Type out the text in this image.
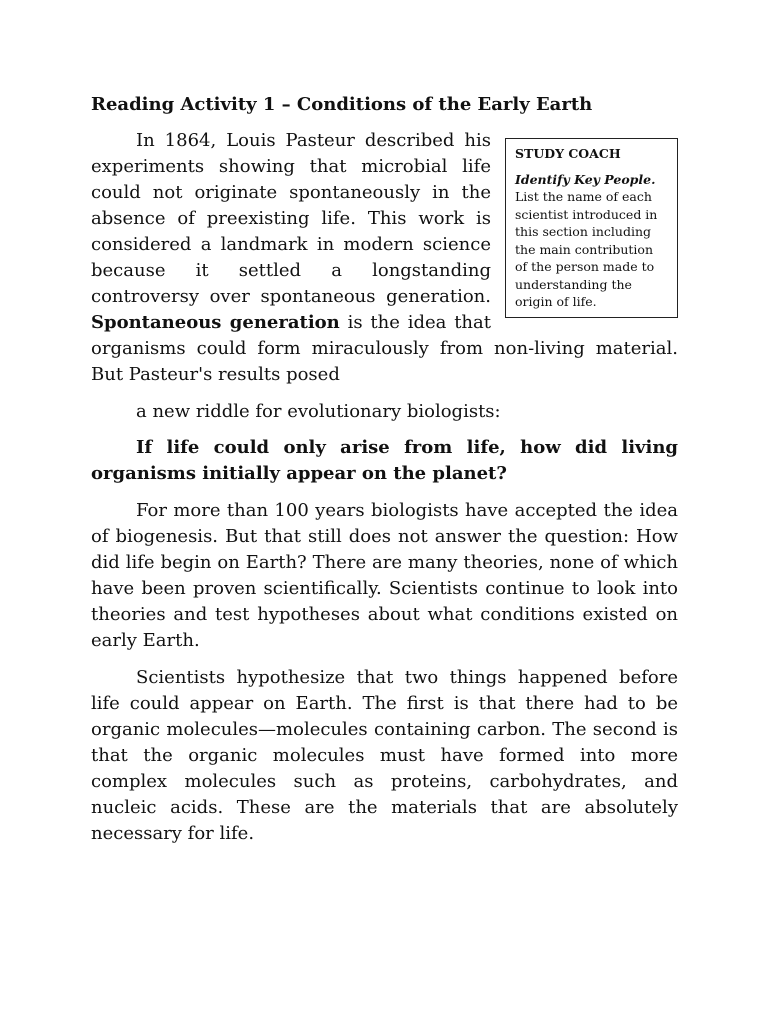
Reading Activity 1 – Conditions of the Early Earth
STUDY COACH
Identify Key People. List the name of each scientist introduced in this section including the main contribution of the person made to understanding the origin of life.

In 1864, Louis Pasteur described his experiments showing that microbial life could not originate spontaneously in the absence of preexisting life. This work is considered a landmark in modern science because it settled a longstanding controversy over spontaneous generation. Spontaneous generation is the idea that organisms could form miraculously from non-living material. But Pasteur's results posed

a new riddle for evolutionary biologists:

If life could only arise from life, how did living organisms initially appear on the planet?

For more than 100 years biologists have accepted the idea of biogenesis. But that still does not answer the question: How did life begin on Earth? There are many theories, none of which have been proven scientifically. Scientists continue to look into theories and test hypotheses about what conditions existed on early Earth.

Scientists hypothesize that two things happened before life could appear on Earth. The first is that there had to be organic molecules—molecules containing carbon. The second is that the organic molecules must have formed into more complex molecules such as proteins, carbohydrates, and nucleic acids. These are the materials that are absolutely necessary for life.
